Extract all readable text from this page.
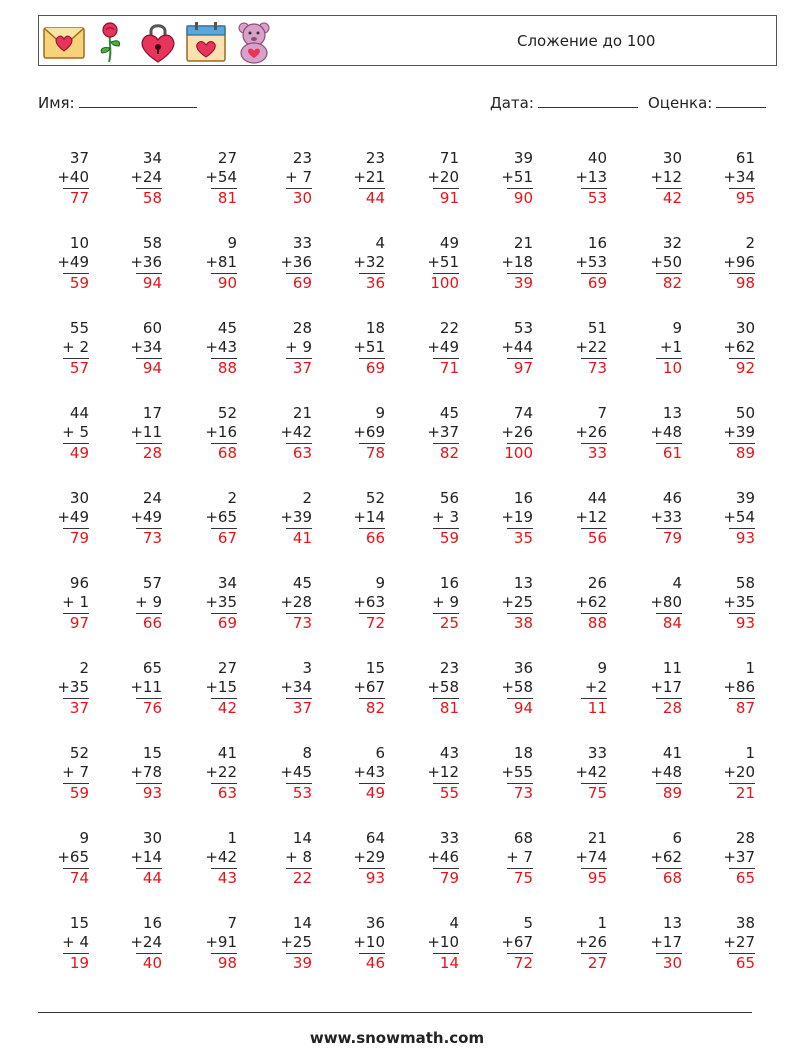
Сложение до 100
Имя:	Дата:	Оценка:
37
+40
77
34
+24
58
27
+54
81
23
+ 7
30
23
+21
44
71
+20
91
39
+51
90
40
+13
53
30
+12
42
61
+34
95
10
+49
59
58
+36
94
9
+81
90
33
+36
69
4
+32
36
49
+51
100
21
+18
39
16
+53
69
32
+50
82
2
+96
98
55
+ 2
57
60
+34
94
45
+43
88
28
+ 9
37
18
+51
69
22
+49
71
53
+44
97
51
+22
73
9
+1
10
30
+62
92
44
+ 5
49
17
+11
28
52
+16
68
21
+42
63
9
+69
78
45
+37
82
74
+26
100
7
+26
33
13
+48
61
50
+39
89
30
+49
79
24
+49
73
2
+65
67
2
+39
41
52
+14
66
56
+ 3
59
16
+19
35
44
+12
56
46
+33
79
39
+54
93
96
+ 1
97
57
+ 9
66
34
+35
69
45
+28
73
9
+63
72
16
+ 9
25
13
+25
38
26
+62
88
4
+80
84
58
+35
93
2
+35
37
65
+11
76
27
+15
42
3
+34
37
15
+67
82
23
+58
81
36
+58
94
9
+2
11
11
+17
28
1
+86
87
52
+ 7
59
15
+78
93
41
+22
63
8
+45
53
6
+43
49
43
+12
55
18
+55
73
33
+42
75
41
+48
89
1
+20
21
9
+65
74
30
+14
44
1
+42
43
14
+ 8
22
64
+29
93
33
+46
79
68
+ 7
75
21
+74
95
6
+62
68
28
+37
65
15
+ 4
19
16
+24
40
7
+91
98
14
+25
39
36
+10
46
4
+10
14
5
+67
72
1
+26
27
13
+17
30
38
+27
65
www.snowmath.com
